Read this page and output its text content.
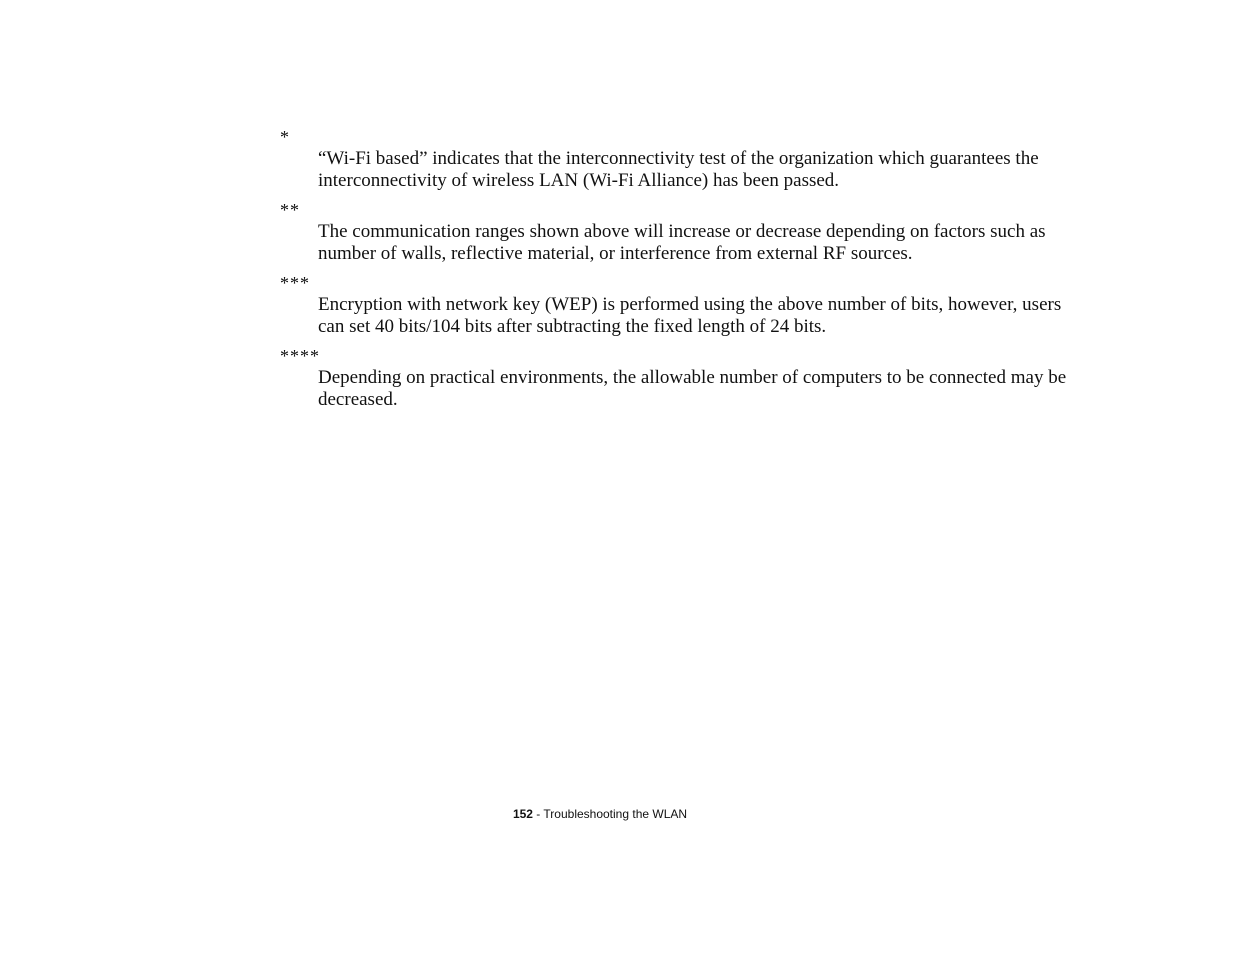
*
“Wi-Fi based” indicates that the interconnectivity test of the organization which guarantees the interconnectivity of wireless LAN (Wi-Fi Alliance) has been passed.
**
The communication ranges shown above will increase or decrease depending on factors such as number of walls, reflective material, or interference from external RF sources.
***
Encryption with network key (WEP) is performed using the above number of bits, however, users can set 40 bits/104 bits after subtracting the fixed length of 24 bits.
****
Depending on practical environments, the allowable number of computers to be connected may be decreased.
152 - Troubleshooting the WLAN
